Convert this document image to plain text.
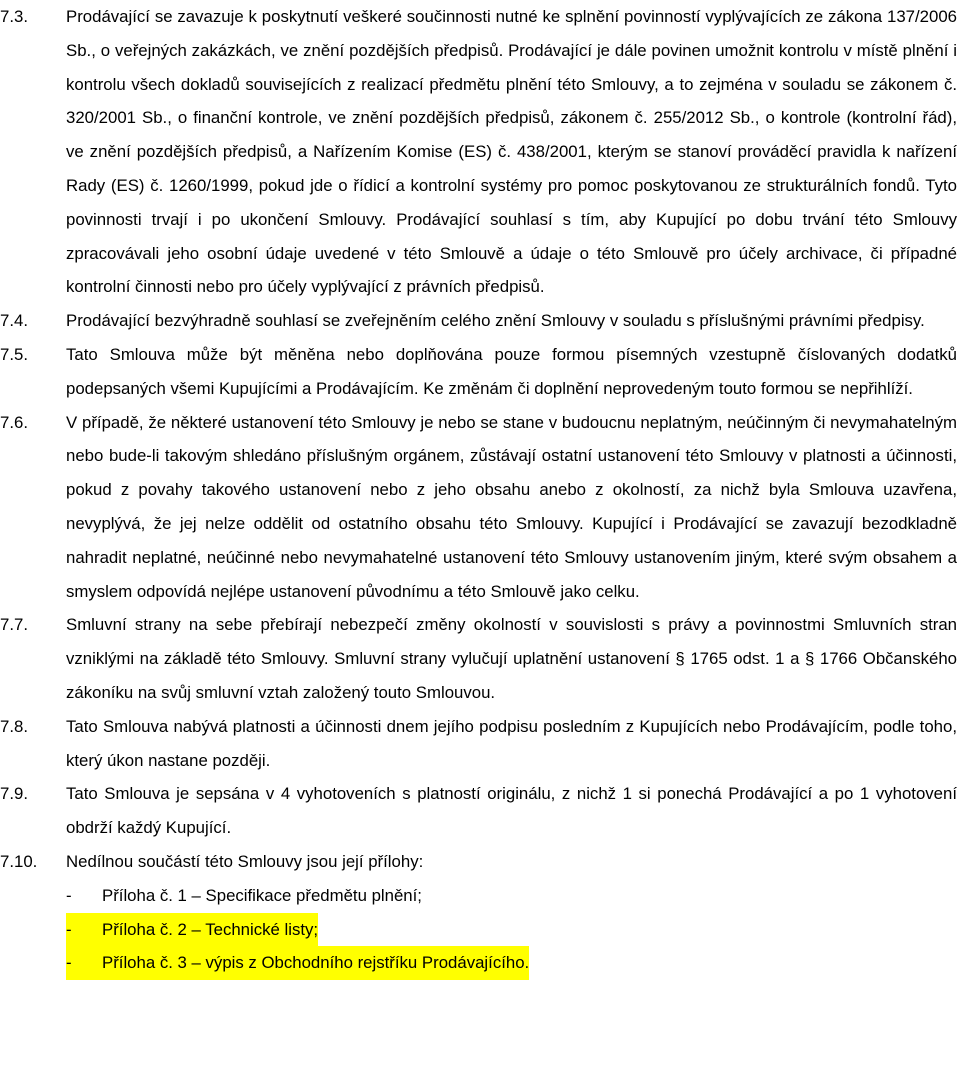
7.3.	Prodávající se zavazuje k poskytnutí veškeré součinnosti nutné ke splnění povinností vyplývajících ze zákona 137/2006 Sb., o veřejných zakázkách, ve znění pozdějších předpisů. Prodávající je dále povinen umožnit kontrolu v místě plnění i kontrolu všech dokladů souvisejících z realizací předmětu plnění této Smlouvy, a to zejména v souladu se zákonem č. 320/2001 Sb., o finanční kontrole, ve znění pozdějších předpisů, zákonem č. 255/2012 Sb., o kontrole (kontrolní řád), ve znění pozdějších předpisů, a Nařízením Komise (ES) č. 438/2001, kterým se stanoví prováděcí pravidla k nařízení Rady (ES) č. 1260/1999, pokud jde o řídicí a kontrolní systémy pro pomoc poskytovanou ze strukturálních fondů. Tyto povinnosti trvají i po ukončení Smlouvy. Prodávající souhlasí s tím, aby Kupující po dobu trvání této Smlouvy zpracovávali jeho osobní údaje uvedené v této Smlouvě a údaje o této Smlouvě pro účely archivace, či případné kontrolní činnosti nebo pro účely vyplývající z právních předpisů.
7.4.	Prodávající bezvýhradně souhlasí se zveřejněním celého znění Smlouvy v souladu s příslušnými právními předpisy.
7.5.	Tato Smlouva může být měněna nebo doplňována pouze formou písemných vzestupně číslovaných dodatků podepsaných všemi Kupujícími a Prodávajícím. Ke změnám či doplnění neprovedeným touto formou se nepřihlíží.
7.6.	V případě, že některé ustanovení této Smlouvy je nebo se stane v budoucnu neplatným, neúčinným či nevymahatelným nebo bude-li takovým shledáno příslušným orgánem, zůstávají ostatní ustanovení této Smlouvy v platnosti a účinnosti, pokud z povahy takového ustanovení nebo z jeho obsahu anebo z okolností, za nichž byla Smlouva uzavřena, nevyplývá, že jej nelze oddělit od ostatního obsahu této Smlouvy. Kupující i Prodávající se zavazují bezodkladně nahradit neplatné, neúčinné nebo nevymahatelné ustanovení této Smlouvy ustanovením jiným, které svým obsahem a smyslem odpovídá nejlépe ustanovení původnímu a této Smlouvě jako celku.
7.7.	Smluvní strany na sebe přebírají nebezpečí změny okolností v souvislosti s právy a povinnostmi Smluvních stran vzniklými na základě této Smlouvy. Smluvní strany vylučují uplatnění ustanovení § 1765 odst. 1 a § 1766 Občanského zákoníku na svůj smluvní vztah založený touto Smlouvou.
7.8.	Tato Smlouva nabývá platnosti a účinnosti dnem jejího podpisu posledním z Kupujících nebo Prodávajícím, podle toho, který úkon nastane později.
7.9.	Tato Smlouva je sepsána v 4 vyhotoveních s platností originálu, z nichž 1 si ponechá Prodávající a po 1 vyhotovení obdrží každý Kupující.
7.10.	Nedílnou součástí této Smlouvy jsou její přílohy:
-	Příloha č. 1 – Specifikace předmětu plnění;
-	Příloha č. 2 – Technické listy;
-	Příloha č. 3 – výpis z Obchodního rejstříku Prodávajícího.
